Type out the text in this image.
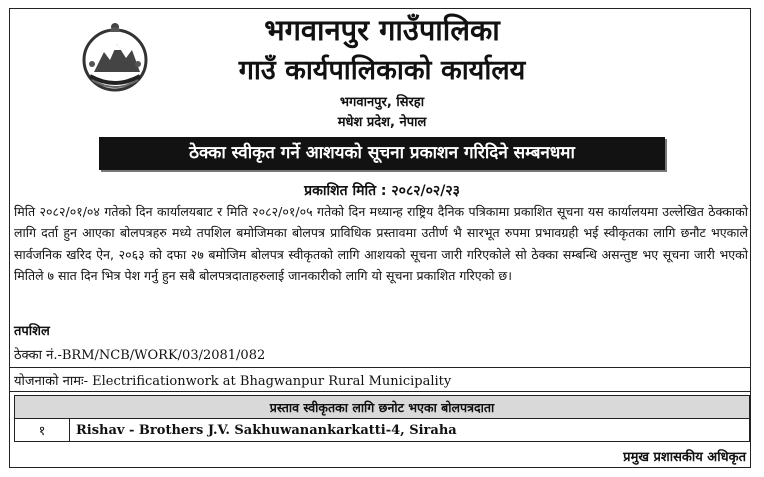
भगवानपुर गाउँपालिका
गाउँ कार्यपालिकाको कार्यालय
भगवानपुर, सिरहा
मधेश प्रदेश, नेपाल
ठेक्का स्वीकृत गर्ने आशयको सूचना प्रकाशन गरिदिने सम्बनधमा
प्रकाशित मिति : २०८२/०२/२३
मिति २०८२/०१/०४ गतेको दिन कार्यालयबाट र मिति २०८२/०१/०५ गतेको दिन मध्यान्ह राष्ट्रिय दैनिक पत्रिकामा प्रकाशित सूचना यस कार्यालयमा उल्लेखित ठेक्काको लागि दर्ता हुन आएका बोलपत्रहरु मध्ये तपशिल बमोजिमका बोलपत्र प्राविधिक प्रस्तावमा उतीर्ण भै सारभूत रुपमा प्रभावग्रही भई स्वीकृतका लागि छनौट भएकाले सार्वजनिक खरिद ऐन, २०६३ को दफा २७ बमोजिम बोलपत्र स्वीकृतको लागि आशयको सूचना जारी गरिएकोले सो ठेक्का सम्बन्धि असन्तुष्ट भए सूचना जारी भएको मितिले ७ सात दिन भित्र पेश गर्नु हुन सबै बोलपत्रदाताहरुलाई जानकारीको लागि यो सूचना प्रकाशित गरिएको छ।
तपशिल
ठेक्का नं.-BRM/NCB/WORK/03/2081/082
योजनाको नामः- Electrificationwork at Bhagwanpur Rural Municipality
प्रस्ताव स्वीकृतका लागि छनोट भएका बोलपत्रदाता
१	Rishav - Brothers J.V. Sakhuwanankarkatti-4, Siraha
प्रमुख प्रशासकीय अधिकृत
